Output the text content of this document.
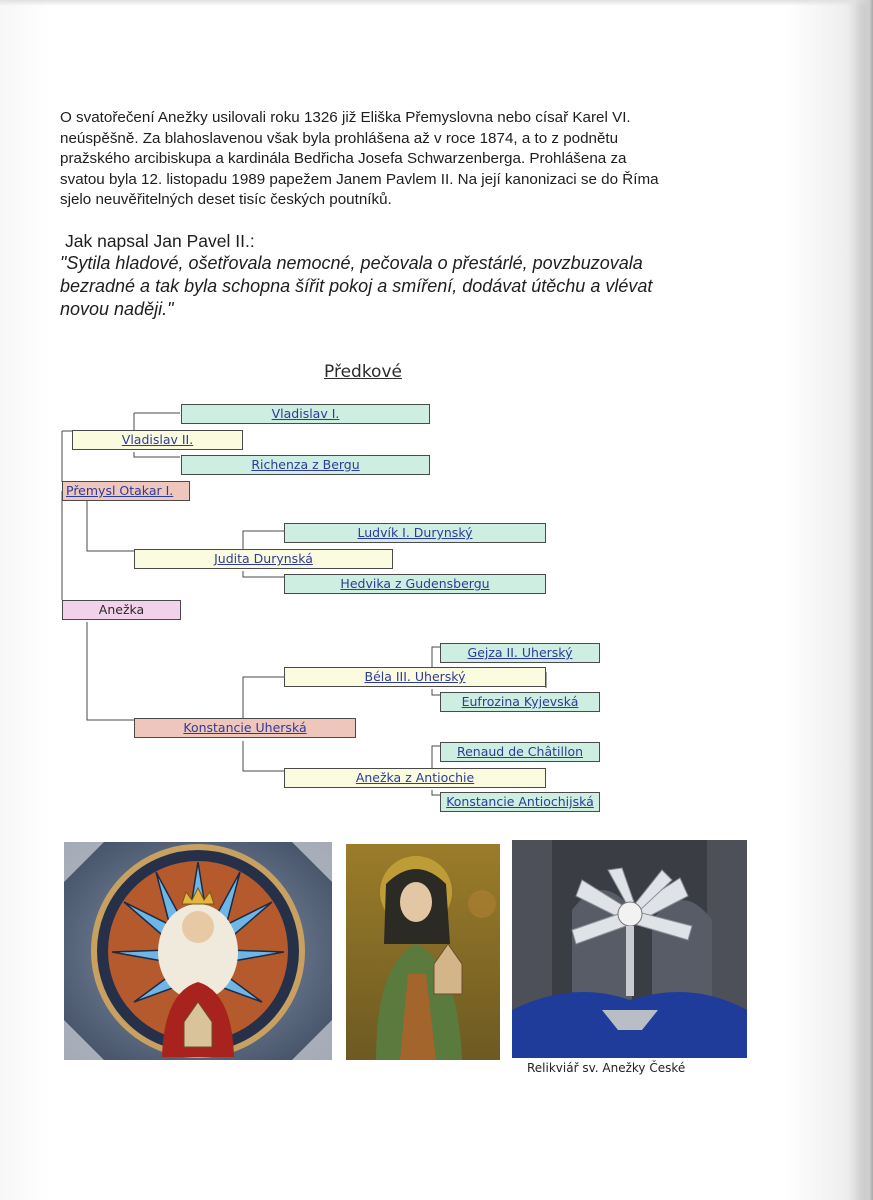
O svatořečení Anežky usilovali roku 1326 již Eliška Přemyslovna nebo císař Karel VI.
neúspěšně. Za blahoslavenou však byla prohlášena až v roce 1874, a to z podnětu
pražského arcibiskupa a kardinála Bedřicha Josefa Schwarzenberga. Prohlášena za
svatou byla 12. listopadu 1989 papežem Janem Pavlem II. Na její kanonizaci se do Říma
sjelo neuvěřitelných deset tisíc českých poutníků.
Jak napsal Jan Pavel II.:
"Sytila hladové, ošetřovala nemocné, pečovala o přestárlé, povzbuzovala
bezradné a tak byla schopna šířit pokoj a smíření, dodávat útěchu a vlévat
novou naději."
Předkové
Vladislav I.
Vladislav II.
Richenza z Bergu
Přemysl Otakar I.
Ludvík I. Durynský
Judita Durynská
Hedvika z Gudensbergu
Anežka
Gejza II. Uherský
Béla III. Uherský
Eufrozina Kyjevská
Konstancie Uherská
Renaud de Châtillon
Anežka z Antiochie
Konstancie Antiochijská
Relikviář sv. Anežky České
